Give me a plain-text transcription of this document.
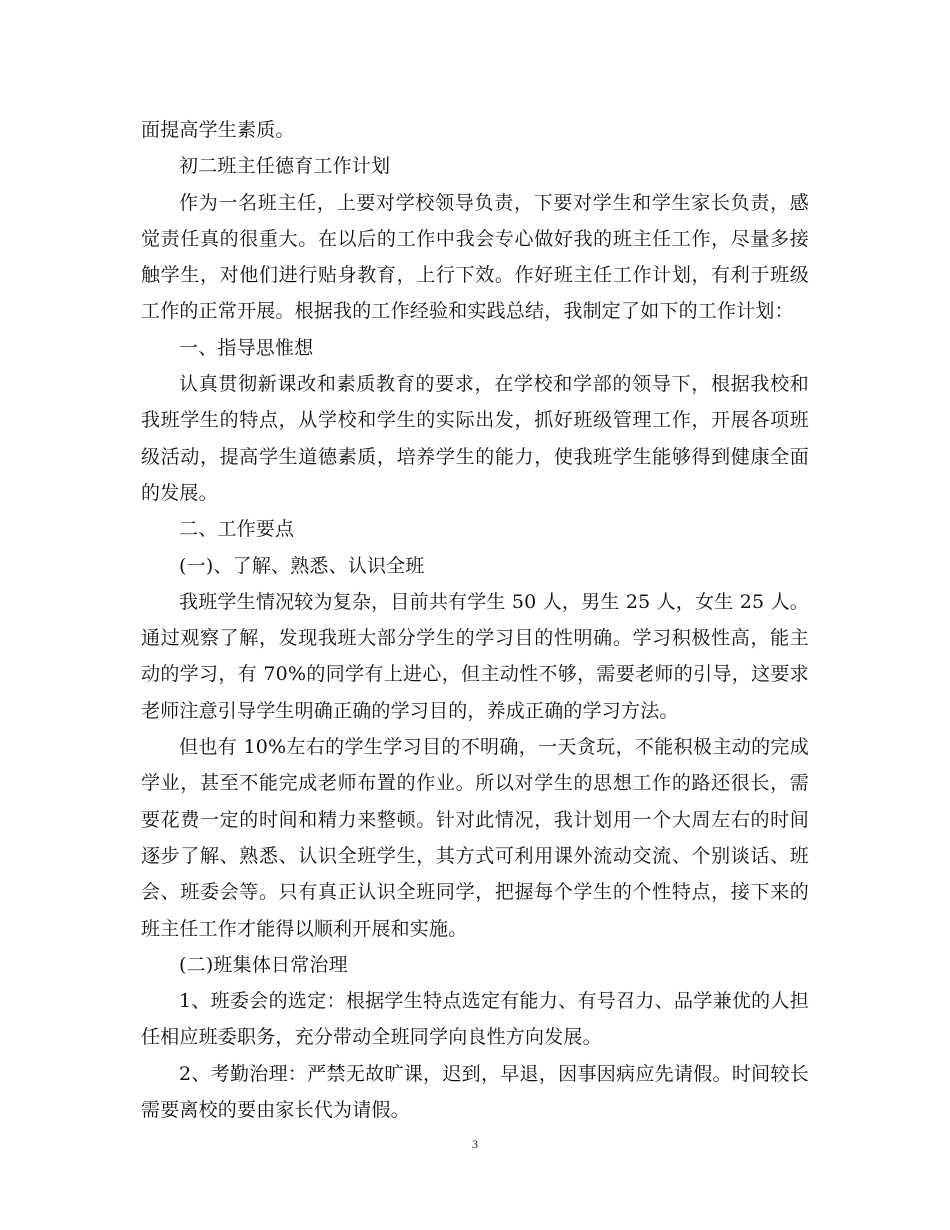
面提高学生素质。

初二班主任德育工作计划

作为一名班主任，上要对学校领导负责，下要对学生和学生家长负责，感觉责任真的很重大。在以后的工作中我会专心做好我的班主任工作，尽量多接触学生，对他们进行贴身教育，上行下效。作好班主任工作计划，有利于班级工作的正常开展。根据我的工作经验和实践总结，我制定了如下的工作计划：

一、指导思惟想

认真贯彻新课改和素质教育的要求，在学校和学部的领导下，根据我校和我班学生的特点，从学校和学生的实际出发，抓好班级管理工作，开展各项班级活动，提高学生道德素质，培养学生的能力，使我班学生能够得到健康全面的发展。

二、工作要点

(一)、了解、熟悉、认识全班

我班学生情况较为复杂，目前共有学生 50 人，男生 25 人，女生 25 人。通过观察了解，发现我班大部分学生的学习目的性明确。学习积极性高，能主动的学习，有 70%的同学有上进心，但主动性不够，需要老师的引导，这要求老师注意引导学生明确正确的学习目的，养成正确的学习方法。

但也有 10%左右的学生学习目的不明确，一天贪玩，不能积极主动的完成学业，甚至不能完成老师布置的作业。所以对学生的思想工作的路还很长，需要花费一定的时间和精力来整顿。针对此情况，我计划用一个大周左右的时间逐步了解、熟悉、认识全班学生，其方式可利用课外流动交流、个别谈话、班会、班委会等。只有真正认识全班同学，把握每个学生的个性特点，接下来的班主任工作才能得以顺利开展和实施。

(二)班集体日常治理

1、班委会的选定：根据学生特点选定有能力、有号召力、品学兼优的人担任相应班委职务，充分带动全班同学向良性方向发展。

2、考勤治理：严禁无故旷课，迟到，早退，因事因病应先请假。时间较长需要离校的要由家长代为请假。

3
